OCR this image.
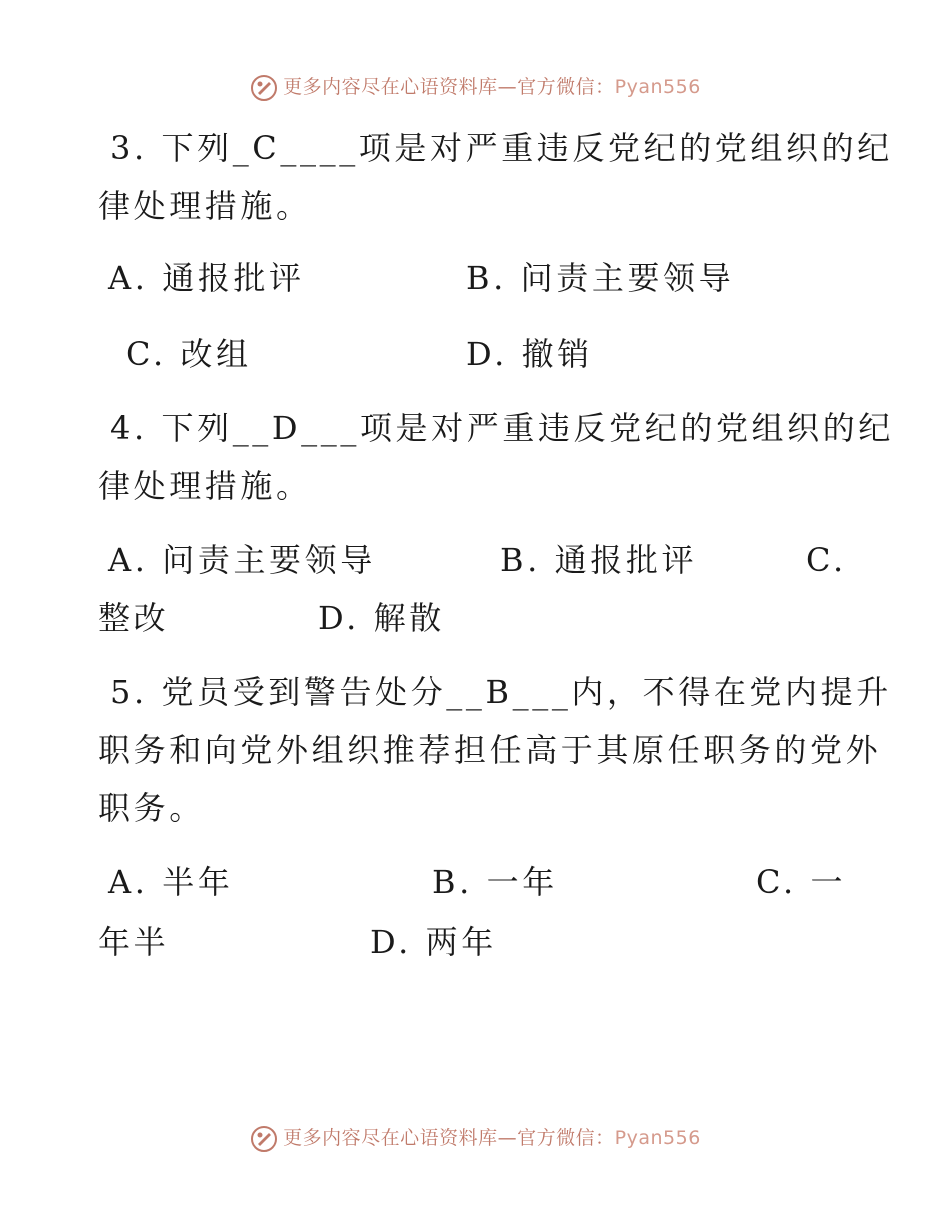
更多内容尽在心语资料库—官方微信：Pyan556
3. 下列_C____项是对严重违反党纪的党组织的纪
律处理措施。
A. 通报批评	B. 问责主要领导
C. 改组	D. 撤销
4. 下列__D___项是对严重违反党纪的党组织的纪
律处理措施。
A. 问责主要领导	B. 通报批评	C.
整改	D. 解散
5. 党员受到警告处分__B___内，不得在党内提升
职务和向党外组织推荐担任高于其原任职务的党外
职务。
A. 半年	B. 一年	C. 一
年半	D. 两年
更多内容尽在心语资料库—官方微信：Pyan556
